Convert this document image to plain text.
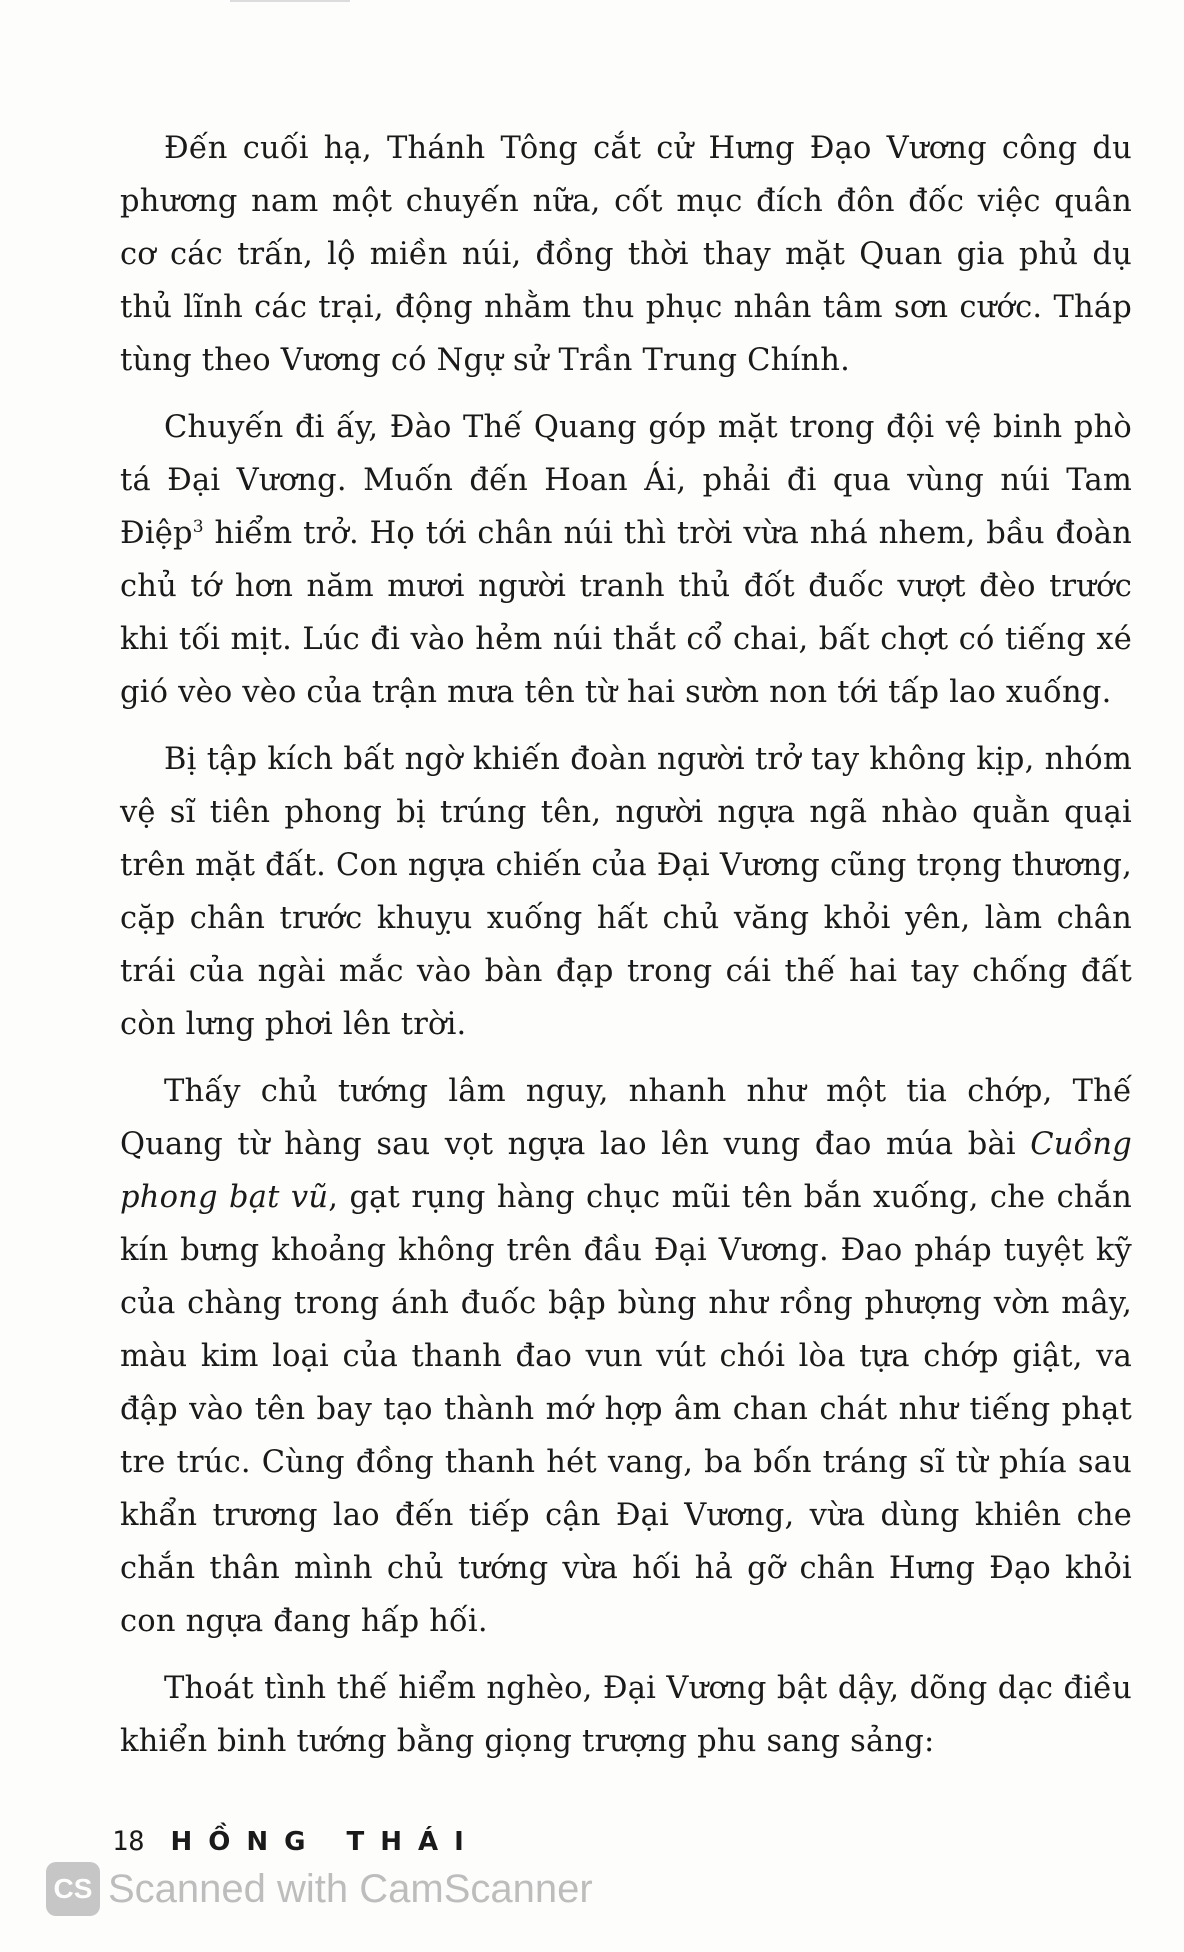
Đến cuối hạ, Thánh Tông cắt cử Hưng Đạo Vương công du phương nam một chuyến nữa, cốt mục đích đôn đốc việc quân cơ các trấn, lộ miền núi, đồng thời thay mặt Quan gia phủ dụ thủ lĩnh các trại, động nhằm thu phục nhân tâm sơn cước. Tháp tùng theo Vương có Ngự sử Trần Trung Chính.

Chuyến đi ấy, Đào Thế Quang góp mặt trong đội vệ binh phò tá Đại Vương. Muốn đến Hoan Ái, phải đi qua vùng núi Tam Điệp$^3$ hiểm trở. Họ tới chân núi thì trời vừa nhá nhem, bầu đoàn chủ tớ hơn năm mươi người tranh thủ đốt đuốc vượt đèo trước khi tối mịt. Lúc đi vào hẻm núi thắt cổ chai, bất chợt có tiếng xé gió vèo vèo của trận mưa tên từ hai sườn non tới tấp lao xuống.

Bị tập kích bất ngờ khiến đoàn người trở tay không kịp, nhóm vệ sĩ tiên phong bị trúng tên, người ngựa ngã nhào quằn quại trên mặt đất. Con ngựa chiến của Đại Vương cũng trọng thương, cặp chân trước khuỵu xuống hất chủ văng khỏi yên, làm chân trái của ngài mắc vào bàn đạp trong cái thế hai tay chống đất còn lưng phơi lên trời.

Thấy chủ tướng lâm nguy, nhanh như một tia chớp, Thế Quang từ hàng sau vọt ngựa lao lên vung đao múa bài Cuồng phong bạt vũ, gạt rụng hàng chục mũi tên bắn xuống, che chắn kín bưng khoảng không trên đầu Đại Vương. Đao pháp tuyệt kỹ của chàng trong ánh đuốc bập bùng như rồng phượng vờn mây, màu kim loại của thanh đao vun vút chói lòa tựa chớp giật, va đập vào tên bay tạo thành mớ hợp âm chan chát như tiếng phạt tre trúc. Cùng đồng thanh hét vang, ba bốn tráng sĩ từ phía sau khẩn trương lao đến tiếp cận Đại Vương, vừa dùng khiên che chắn thân mình chủ tướng vừa hối hả gỡ chân Hưng Đạo khỏi con ngựa đang hấp hối.

Thoát tình thế hiểm nghèo, Đại Vương bật dậy, dõng dạc điều khiển binh tướng bằng giọng trượng phu sang sảng:

18 HỒNG THÁI
CS Scanned with CamScanner
